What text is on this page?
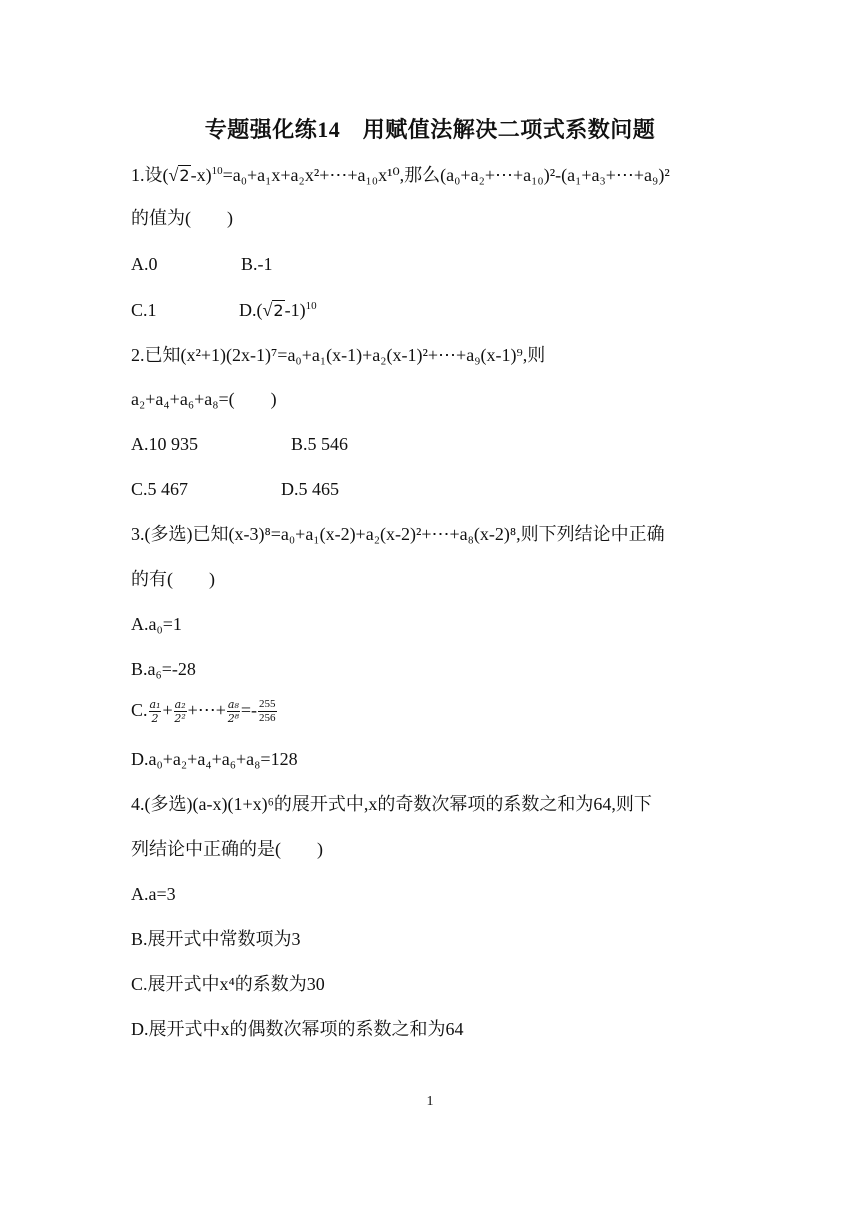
专题强化练14　用赋值法解决二项式系数问题
1.设$(√2-x)^{10}=a_0+a_1x+a_2x^2+\cdots+a_{10}x^{10}$,那么(a₀+a₂+⋯+a₁₀)²-(a₁+a₃+⋯+a₉)²
的值为(　　)
A.0	B.-1
C.1	$D.(√2-1)^{10}$
2.已知(x²+1)(2x-1)⁷=a₀+a₁(x-1)+a₂(x-1)²+⋯+a₉(x-1)⁹,则
a₂+a₄+a₆+a₈=(　　)
A.10 935	B.5 546
C.5 467	D.5 465
3.(多选)已知(x-3)⁸=a₀+a₁(x-2)+a₂(x-2)²+⋯+a₈(x-2)⁸,则下列结论中正确
的有(　　)
A.a₀=1
B.a₆=-28
C. $\frac{\text{a₁}}{2} + \frac{\text{a₂}}{\text{2²}}$ +⋯+ $\frac{\text{a₈}}{\text{2⁸}} =- \frac{255}{256}$
D.a₀+a₂+a₄+a₆+a₈=128
4.(多选)(a-x)(1+x)⁶的展开式中,x的奇数次幂项的系数之和为64,则下
列结论中正确的是(　　)
A.a=3
B.展开式中常数项为3
C.展开式中x⁴的系数为30
D.展开式中x的偶数次幂项的系数之和为64
1
